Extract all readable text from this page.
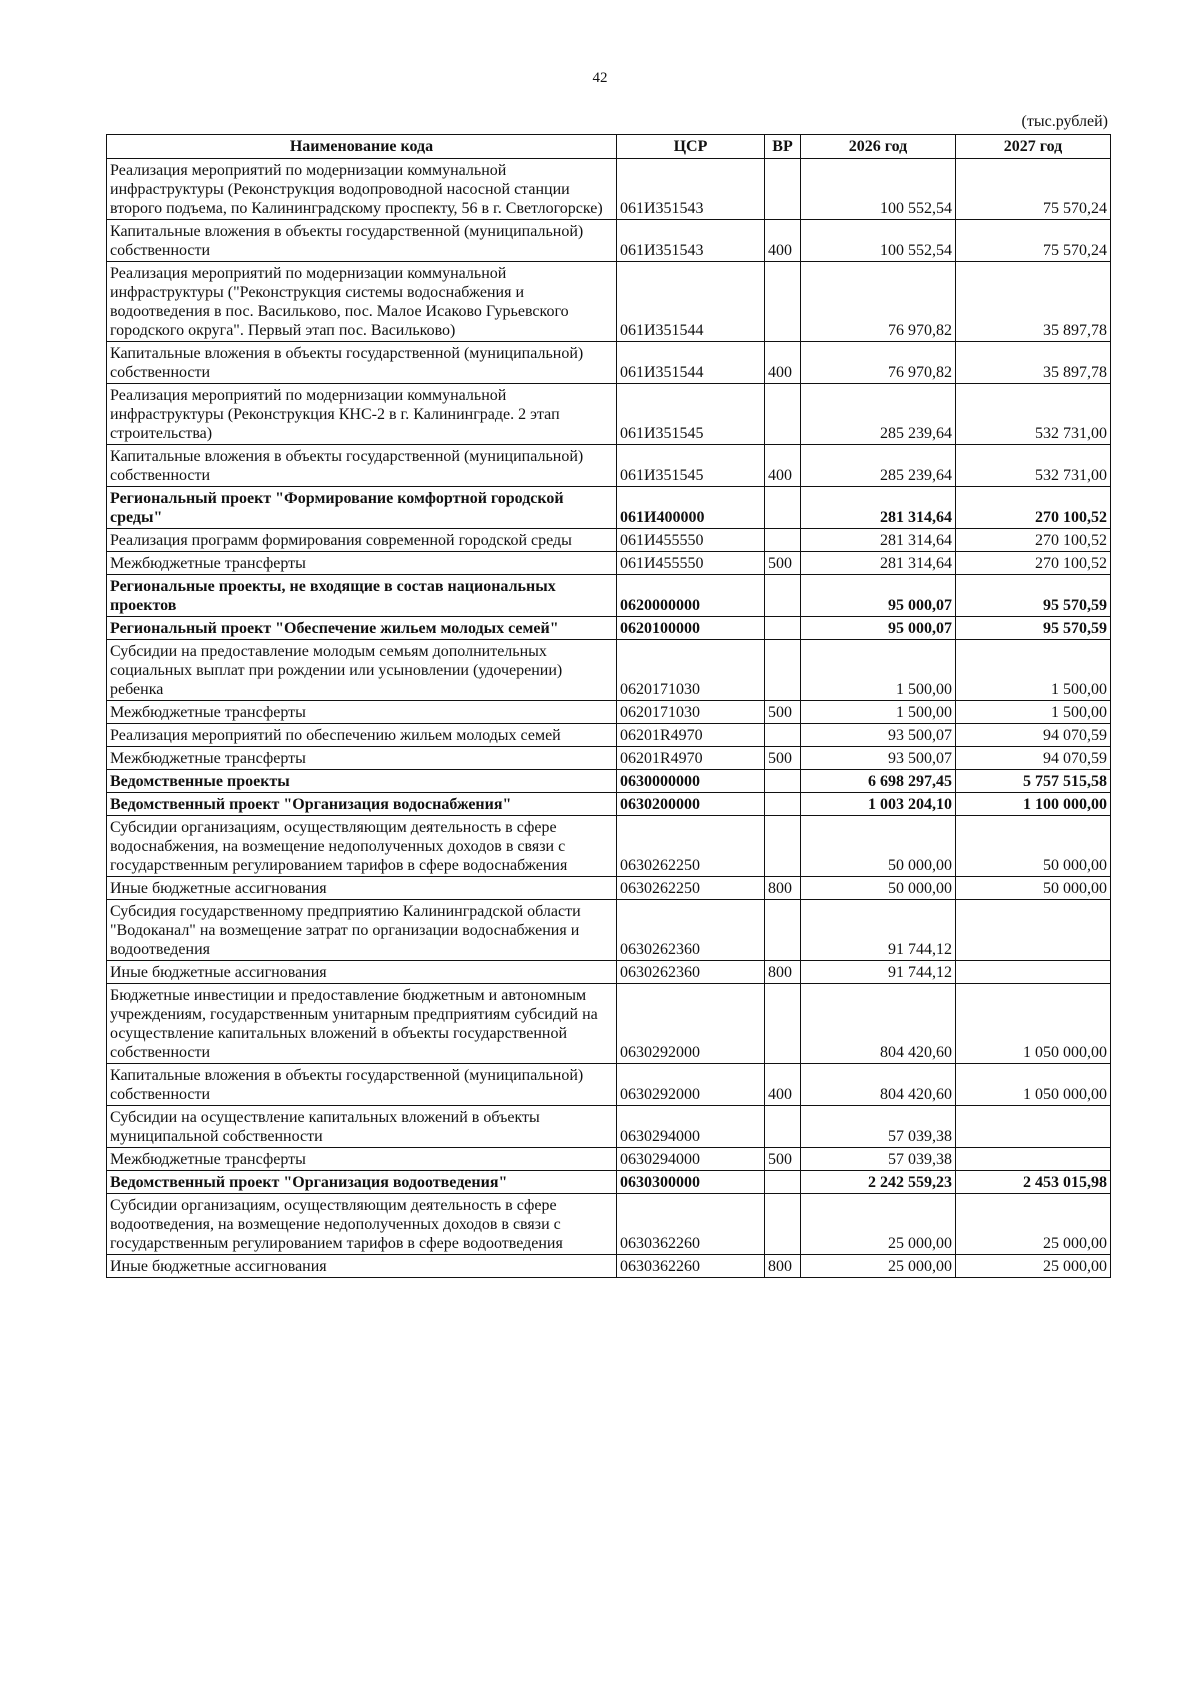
42
(тыс.рублей)
Наименование кода	ЦСР	ВР	2026 год	2027 год
Реализация мероприятий по модернизации коммунальной инфраструктуры (Реконструкция водопроводной насосной станции второго подъема, по Калининградскому проспекту, 56 в г. Светлогорске)	061И351543		100 552,54	75 570,24
Капитальные вложения в объекты государственной (муниципальной) собственности	061И351543	400	100 552,54	75 570,24
Реализация мероприятий по модернизации коммунальной инфраструктуры ("Реконструкция системы водоснабжения и водоотведения в пос. Васильково, пос. Малое Исаково Гурьевского городского округа". Первый этап пос. Васильково)	061И351544		76 970,82	35 897,78
Капитальные вложения в объекты государственной (муниципальной) собственности	061И351544	400	76 970,82	35 897,78
Реализация мероприятий по модернизации коммунальной инфраструктуры (Реконструкция КНС-2 в г. Калининграде. 2 этап строительства)	061И351545		285 239,64	532 731,00
Капитальные вложения в объекты государственной (муниципальной) собственности	061И351545	400	285 239,64	532 731,00
Региональный проект "Формирование комфортной городской среды"	061И400000		281 314,64	270 100,52
Реализация программ формирования современной городской среды	061И455550		281 314,64	270 100,52
Межбюджетные трансферты	061И455550	500	281 314,64	270 100,52
Региональные проекты, не входящие в состав национальных проектов	0620000000		95 000,07	95 570,59
Региональный проект "Обеспечение жильем молодых семей"	0620100000		95 000,07	95 570,59
Субсидии на предоставление молодым семьям дополнительных социальных выплат при рождении или усыновлении (удочерении) ребенка	0620171030		1 500,00	1 500,00
Межбюджетные трансферты	0620171030	500	1 500,00	1 500,00
Реализация мероприятий по обеспечению жильем молодых семей	06201R4970		93 500,07	94 070,59
Межбюджетные трансферты	06201R4970	500	93 500,07	94 070,59
Ведомственные проекты	0630000000		6 698 297,45	5 757 515,58
Ведомственный проект "Организация водоснабжения"	0630200000		1 003 204,10	1 100 000,00
Субсидии организациям, осуществляющим деятельность в сфере водоснабжения, на возмещение недополученных доходов в связи с государственным регулированием тарифов в сфере водоснабжения	0630262250		50 000,00	50 000,00
Иные бюджетные ассигнования	0630262250	800	50 000,00	50 000,00
Субсидия государственному предприятию Калининградской области "Водоканал" на возмещение затрат по организации водоснабжения и водоотведения	0630262360		91 744,12	
Иные бюджетные ассигнования	0630262360	800	91 744,12	
Бюджетные инвестиции и предоставление бюджетным и автономным учреждениям, государственным унитарным предприятиям субсидий на осуществление капитальных вложений в объекты государственной собственности	0630292000		804 420,60	1 050 000,00
Капитальные вложения в объекты государственной (муниципальной) собственности	0630292000	400	804 420,60	1 050 000,00
Субсидии на осуществление капитальных вложений в объекты муниципальной собственности	0630294000		57 039,38	
Межбюджетные трансферты	0630294000	500	57 039,38	
Ведомственный проект "Организация водоотведения"	0630300000		2 242 559,23	2 453 015,98
Субсидии организациям, осуществляющим деятельность в сфере водоотведения, на возмещение недополученных доходов в связи с государственным регулированием тарифов в сфере водоотведения	0630362260		25 000,00	25 000,00
Иные бюджетные ассигнования	0630362260	800	25 000,00	25 000,00
